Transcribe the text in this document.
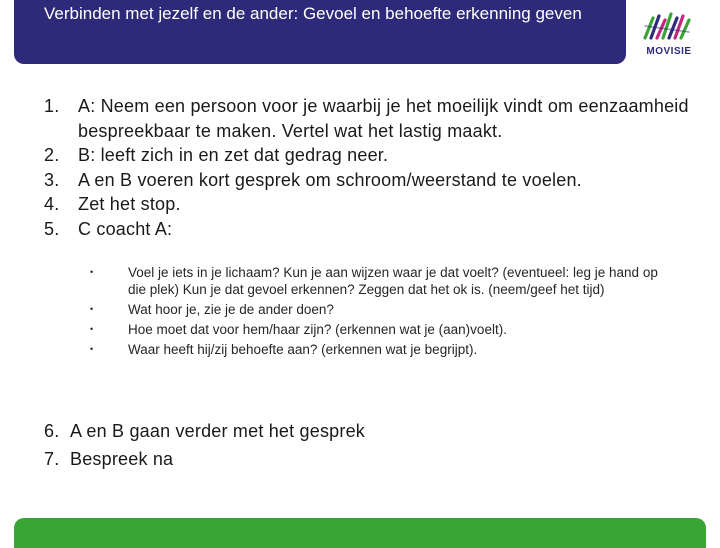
Verbinden met jezelf en de ander: Gevoel en behoefte erkenning geven
MOVISIE
1.	A: Neem een persoon voor je waarbij je het moeilijk vindt om eenzaamheid bespreekbaar te maken. Vertel wat het lastig maakt.
2.	B: leeft zich in en zet dat gedrag neer.
3.	A en B voeren kort gesprek om schroom/weerstand te voelen.
4.	Zet het stop.
5.	C coacht A:
•	Voel je iets in je lichaam? Kun je aan wijzen waar je dat voelt? (eventueel: leg je hand op die plek) Kun je dat gevoel erkennen? Zeggen dat het ok is. (neem/geef het tijd)
•	Wat hoor je, zie je de ander doen?
•	Hoe moet dat voor hem/haar zijn? (erkennen wat je (aan)voelt).
•	Waar heeft hij/zij behoefte aan? (erkennen wat je begrijpt).
6. A en B gaan verder met het gesprek
7. Bespreek na
